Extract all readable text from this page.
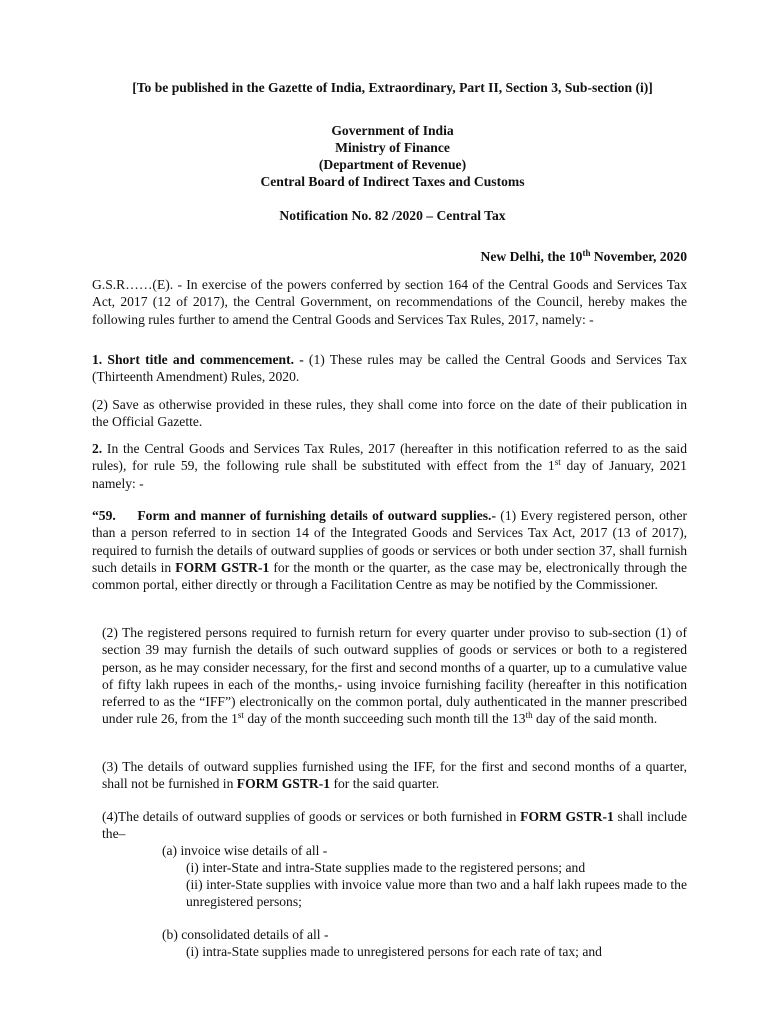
[To be published in the Gazette of India, Extraordinary, Part II, Section 3, Sub-section (i)]

Government of India

Ministry of Finance

(Department of Revenue)

Central Board of Indirect Taxes and Customs

Notification No. 82 /2020 – Central Tax

New Delhi, the 10th November, 2020

G.S.R……(E). - In exercise of the powers conferred by section 164 of the Central Goods and Services Tax Act, 2017 (12 of 2017), the Central Government, on recommendations of the Council, hereby makes the following rules further to amend the Central Goods and Services Tax Rules, 2017, namely: -

1. Short title and commencement. - (1) These rules may be called the Central Goods and Services Tax (Thirteenth Amendment) Rules, 2020.

(2) Save as otherwise provided in these rules, they shall come into force on the date of their publication in the Official Gazette.

2. In the Central Goods and Services Tax Rules, 2017 (hereafter in this notification referred to as the said rules), for rule 59, the following rule shall be substituted with effect from the 1st day of January, 2021 namely: -

“59.     Form and manner of furnishing details of outward supplies.- (1) Every registered person, other than a person referred to in section 14 of the Integrated Goods and Services Tax Act, 2017 (13 of 2017), required to furnish the details of outward supplies of goods or services or both under section 37, shall furnish such details in FORM GSTR-1 for the month or the quarter, as the case may be, electronically through the common portal, either directly or through a Facilitation Centre as may be notified by the Commissioner.

(2) The registered persons required to furnish return for every quarter under proviso to sub-section (1) of section 39 may furnish the details of such outward supplies of goods or services or both to a registered person, as he may consider necessary, for the first and second months of a quarter, up to a cumulative value of fifty lakh rupees in each of the months,- using invoice furnishing facility (hereafter in this notification referred to as the “IFF”) electronically on the common portal, duly authenticated in the manner prescribed under rule 26, from the 1st day of the month succeeding such month till the 13th day of the said month.

(3) The details of outward supplies furnished using the IFF, for the first and second months of a quarter, shall not be furnished in FORM GSTR-1 for the said quarter.

(4)The details of outward supplies of goods or services or both furnished in FORM GSTR-1 shall include the–

(a) invoice wise details of all -

(i) inter-State and intra-State supplies made to the registered persons; and

(ii) inter-State supplies with invoice value more than two and a half lakh rupees made to the unregistered persons;

(b) consolidated details of all -

(i) intra-State supplies made to unregistered persons for each rate of tax; and
